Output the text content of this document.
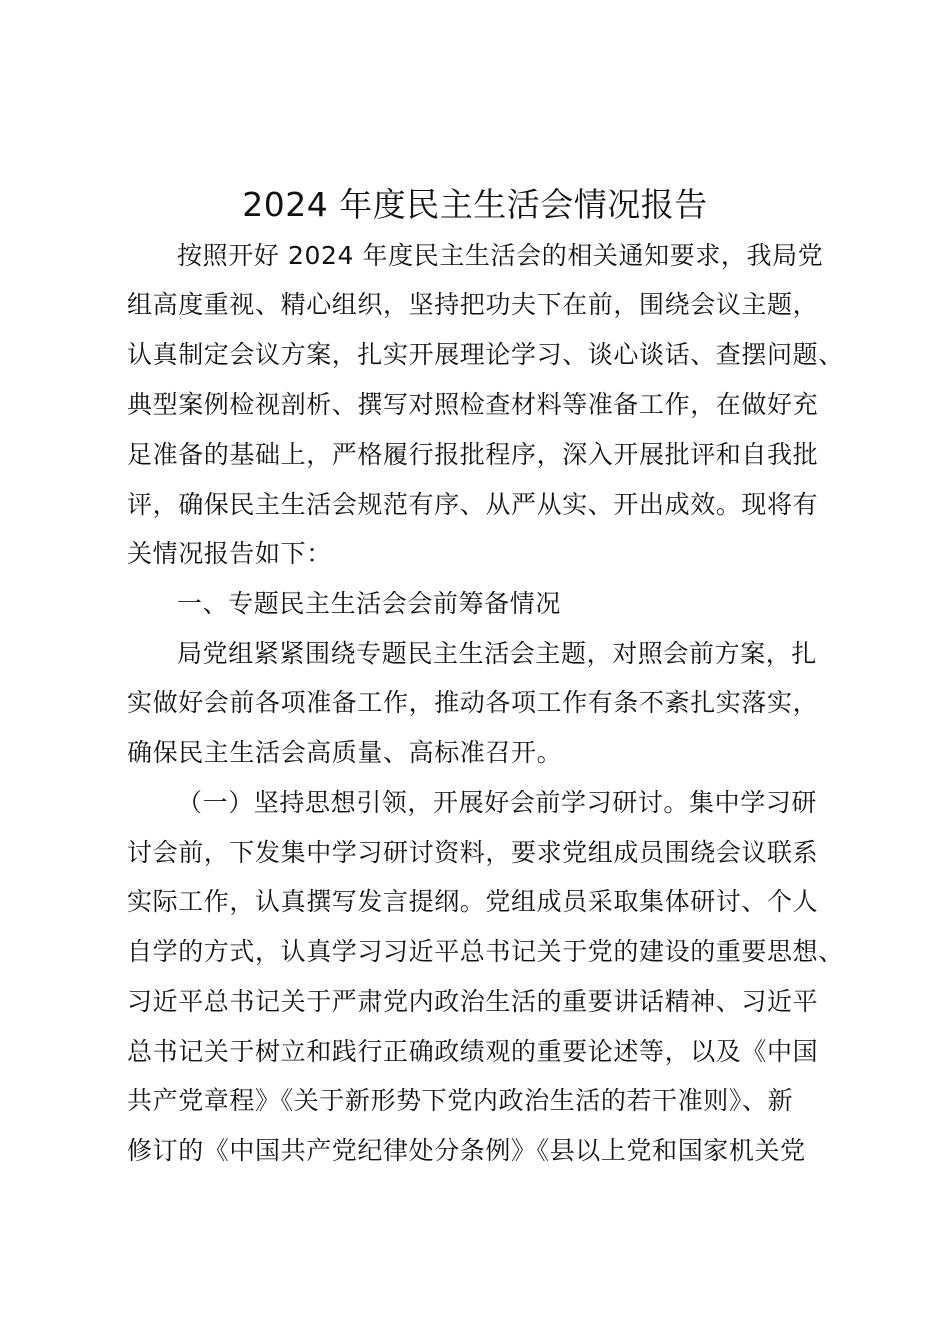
2024 年度民主生活会情况报告
按照开好 2024 年度民主生活会的相关通知要求，我局党
组高度重视、精心组织，坚持把功夫下在前，围绕会议主题，
认真制定会议方案，扎实开展理论学习、谈心谈话、查摆问题、
典型案例检视剖析、撰写对照检查材料等准备工作，在做好充
足准备的基础上，严格履行报批程序，深入开展批评和自我批
评，确保民主生活会规范有序、从严从实、开出成效。现将有
关情况报告如下：
一、专题民主生活会会前筹备情况
局党组紧紧围绕专题民主生活会主题，对照会前方案，扎
实做好会前各项准备工作，推动各项工作有条不紊扎实落实，
确保民主生活会高质量、高标准召开。
（一）坚持思想引领，开展好会前学习研讨。集中学习研
讨会前，下发集中学习研讨资料，要求党组成员围绕会议联系
实际工作，认真撰写发言提纲。党组成员采取集体研讨、个人
自学的方式，认真学习习近平总书记关于党的建设的重要思想、
习近平总书记关于严肃党内政治生活的重要讲话精神、习近平
总书记关于树立和践行正确政绩观的重要论述等，以及《中国
共产党章程》《关于新形势下党内政治生活的若干准则》、新
修订的《中国共产党纪律处分条例》《县以上党和国家机关党
